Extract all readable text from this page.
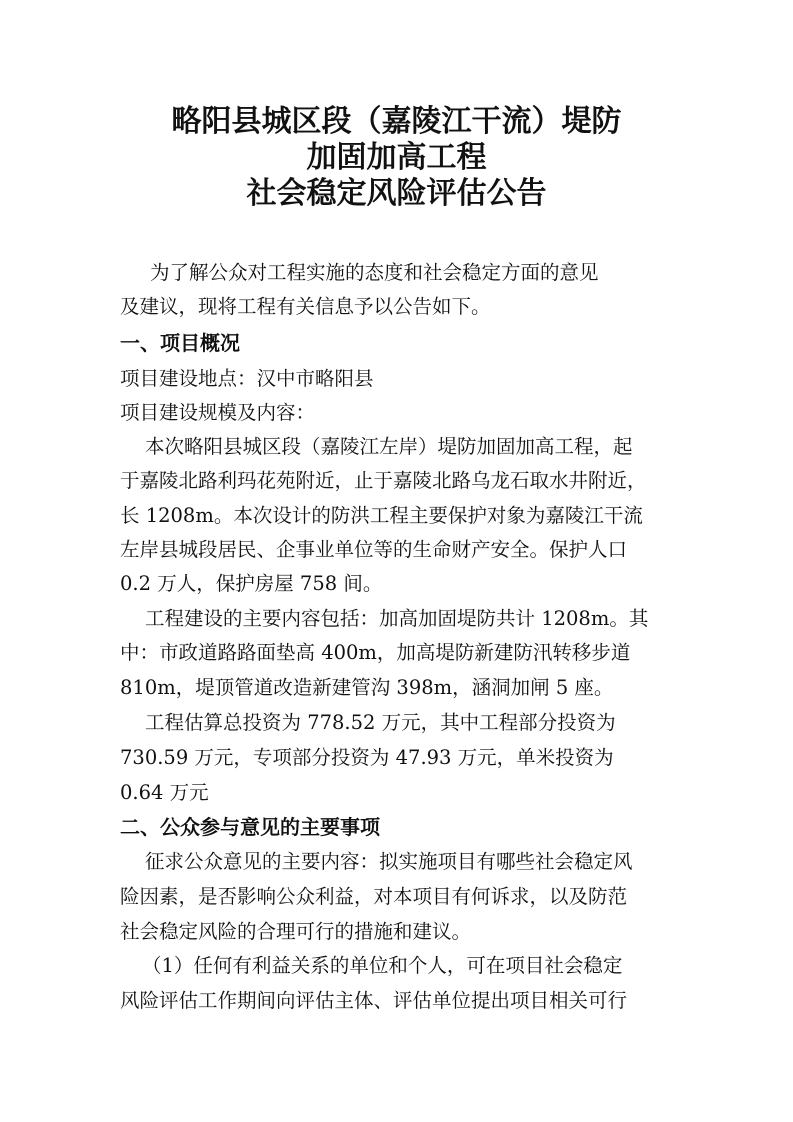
略阳县城区段（嘉陵江干流）堤防
加固加高工程
社会稳定风险评估公告
为了解公众对工程实施的态度和社会稳定方面的意见
及建议，现将工程有关信息予以公告如下。
一、项目概况
项目建设地点：汉中市略阳县
项目建设规模及内容：
本次略阳县城区段（嘉陵江左岸）堤防加固加高工程，起
于嘉陵北路利玛花苑附近，止于嘉陵北路乌龙石取水井附近，
长 1208m。本次设计的防洪工程主要保护对象为嘉陵江干流
左岸县城段居民、企事业单位等的生命财产安全。保护人口
0.2 万人，保护房屋 758 间。
工程建设的主要内容包括：加高加固堤防共计 1208m。其
中：市政道路路面垫高 400m，加高堤防新建防汛转移步道
810m，堤顶管道改造新建管沟 398m，涵洞加闸 5 座。
工程估算总投资为 778.52 万元，其中工程部分投资为
730.59 万元，专项部分投资为 47.93 万元，单米投资为
0.64 万元
二、公众参与意见的主要事项
征求公众意见的主要内容：拟实施项目有哪些社会稳定风
险因素，是否影响公众利益，对本项目有何诉求，以及防范
社会稳定风险的合理可行的措施和建议。
（1）任何有利益关系的单位和个人，可在项目社会稳定
风险评估工作期间向评估主体、评估单位提出项目相关可行
